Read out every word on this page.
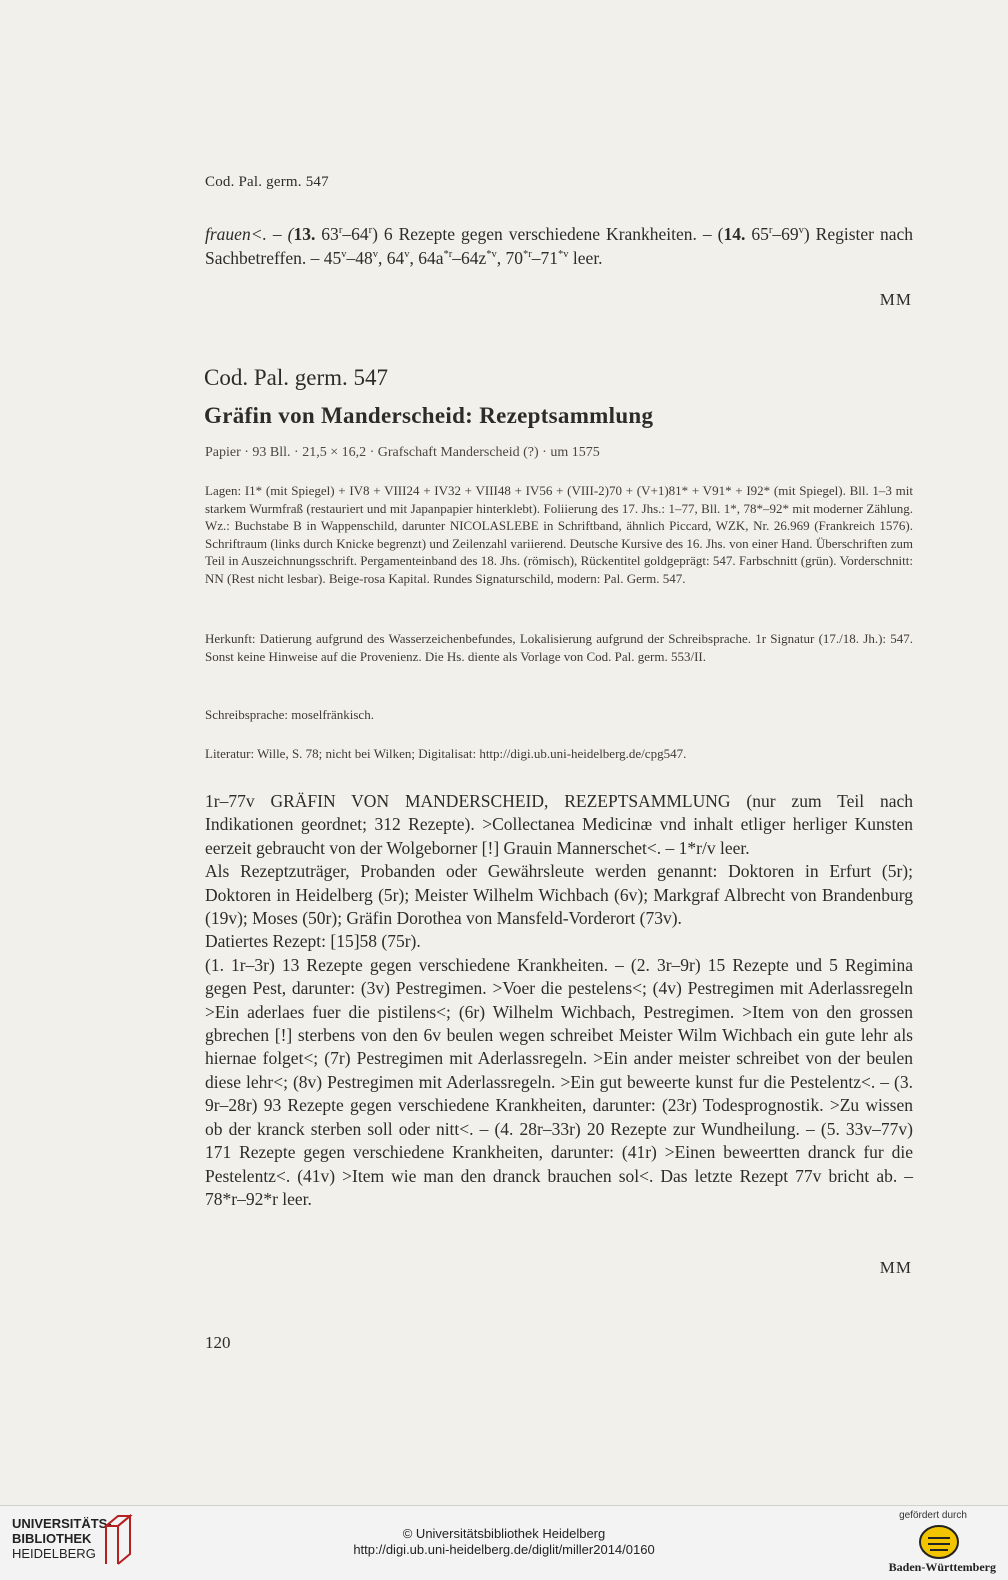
Cod. Pal. germ. 547
frauen<. – (13. 63$^r$–64$^r$) 6 Rezepte gegen verschiedene Krankheiten. – (14. 65$^r$–69$^v$) Register nach Sachbetreffen. – 45$^v$–48$^v$, 64$^v$, $64a^{*r}-64z^{*v}$, 70$^{*r}$–71$^{*v}$ leer.
MM
Cod. Pal. germ. 547
Gräfin von Manderscheid: Rezeptsammlung
Papier · 93 Bll. · 21,5 × 16,2 · Grafschaft Manderscheid (?) · um 1575
Lagen: I1* (mit Spiegel) + IV8 + VIII24 + IV32 + VIII48 + IV56 + (VIII-2)70 + (V+1)81* + V91* + I92* (mit Spiegel). Bll. 1–3 mit starkem Wurmfraß (restauriert und mit Japanpapier hinterklebt). Foliierung des 17. Jhs.: 1–77, Bll. 1*, 78*–92* mit moderner Zählung. Wz.: Buchstabe B in Wappenschild, darunter NICOLASLEBE in Schriftband, ähnlich Piccard, WZK, Nr. 26.969 (Frankreich 1576). Schriftraum (links durch Knicke begrenzt) und Zeilenzahl variierend. Deutsche Kursive des 16. Jhs. von einer Hand. Überschriften zum Teil in Auszeichnungsschrift. Pergamenteinband des 18. Jhs. (römisch), Rückentitel goldgeprägt: 547. Farbschnitt (grün). Vorderschnitt: NN (Rest nicht lesbar). Beige-rosa Kapital. Rundes Signaturschild, modern: Pal. Germ. 547.
Herkunft: Datierung aufgrund des Wasserzeichenbefundes, Lokalisierung aufgrund der Schreibsprache. 1r Signatur (17./18. Jh.): 547. Sonst keine Hinweise auf die Provenienz. Die Hs. diente als Vorlage von Cod. Pal. germ. 553/II.
Schreibsprache: moselfränkisch.
Literatur: Wille, S. 78; nicht bei Wilken; Digitalisat: http://digi.ub.uni-heidelberg.de/cpg547.

1r–77v GRÄFIN VON MANDERSCHEID, REZEPTSAMMLUNG (nur zum Teil nach Indikationen geordnet; 312 Rezepte). >Collectanea Medicinæ vnd inhalt etliger herliger Kunsten eerzeit gebraucht von der Wolgeborner [!] Grauin Mannerschet<. – 1*r/v leer.

Als Rezeptzuträger, Probanden oder Gewährsleute werden genannt: Doktoren in Erfurt (5r); Doktoren in Heidelberg (5r); Meister Wilhelm Wichbach (6v); Markgraf Albrecht von Brandenburg (19v); Moses (50r); Gräfin Dorothea von Mansfeld-Vorderort (73v).

Datiertes Rezept: [15]58 (75r).

(1. 1r–3r) 13 Rezepte gegen verschiedene Krankheiten. – (2. 3r–9r) 15 Rezepte und 5 Regimina gegen Pest, darunter: (3v) Pestregimen. >Voer die pestelens<; (4v) Pestregimen mit Aderlassregeln >Ein aderlaes fuer die pistilens<; (6r) Wilhelm Wichbach, Pestregimen. >Item von den grossen gbrechen [!] sterbens von den 6v beulen wegen schreibet Meister Wilm Wichbach ein gute lehr als hiernae folget<; (7r) Pestregimen mit Aderlassregeln. >Ein ander meister schreibet von der beulen diese lehr<; (8v) Pestregimen mit Aderlassregeln. >Ein gut beweerte kunst fur die Pestelentz<. – (3. 9r–28r) 93 Rezepte gegen verschiedene Krankheiten, darunter: (23r) Todesprognostik. >Zu wissen ob der kranck sterben soll oder nitt<. – (4. 28r–33r) 20 Rezepte zur Wundheilung. – (5. 33v–77v) 171 Rezepte gegen verschiedene Krankheiten, darunter: (41r) >Einen beweertten dranck fur die Pestelentz<. (41v) >Item wie man den dranck brauchen sol<. Das letzte Rezept 77v bricht ab. – 78*r–92*r leer.

MM
120
UNIVERSITÄTS-
BIBLIOTHEK
HEIDELBERG
© Universitätsbibliothek Heidelberg
http://digi.ub.uni-heidelberg.de/diglit/miller2014/0160
gefördert durch
Baden-Württemberg
